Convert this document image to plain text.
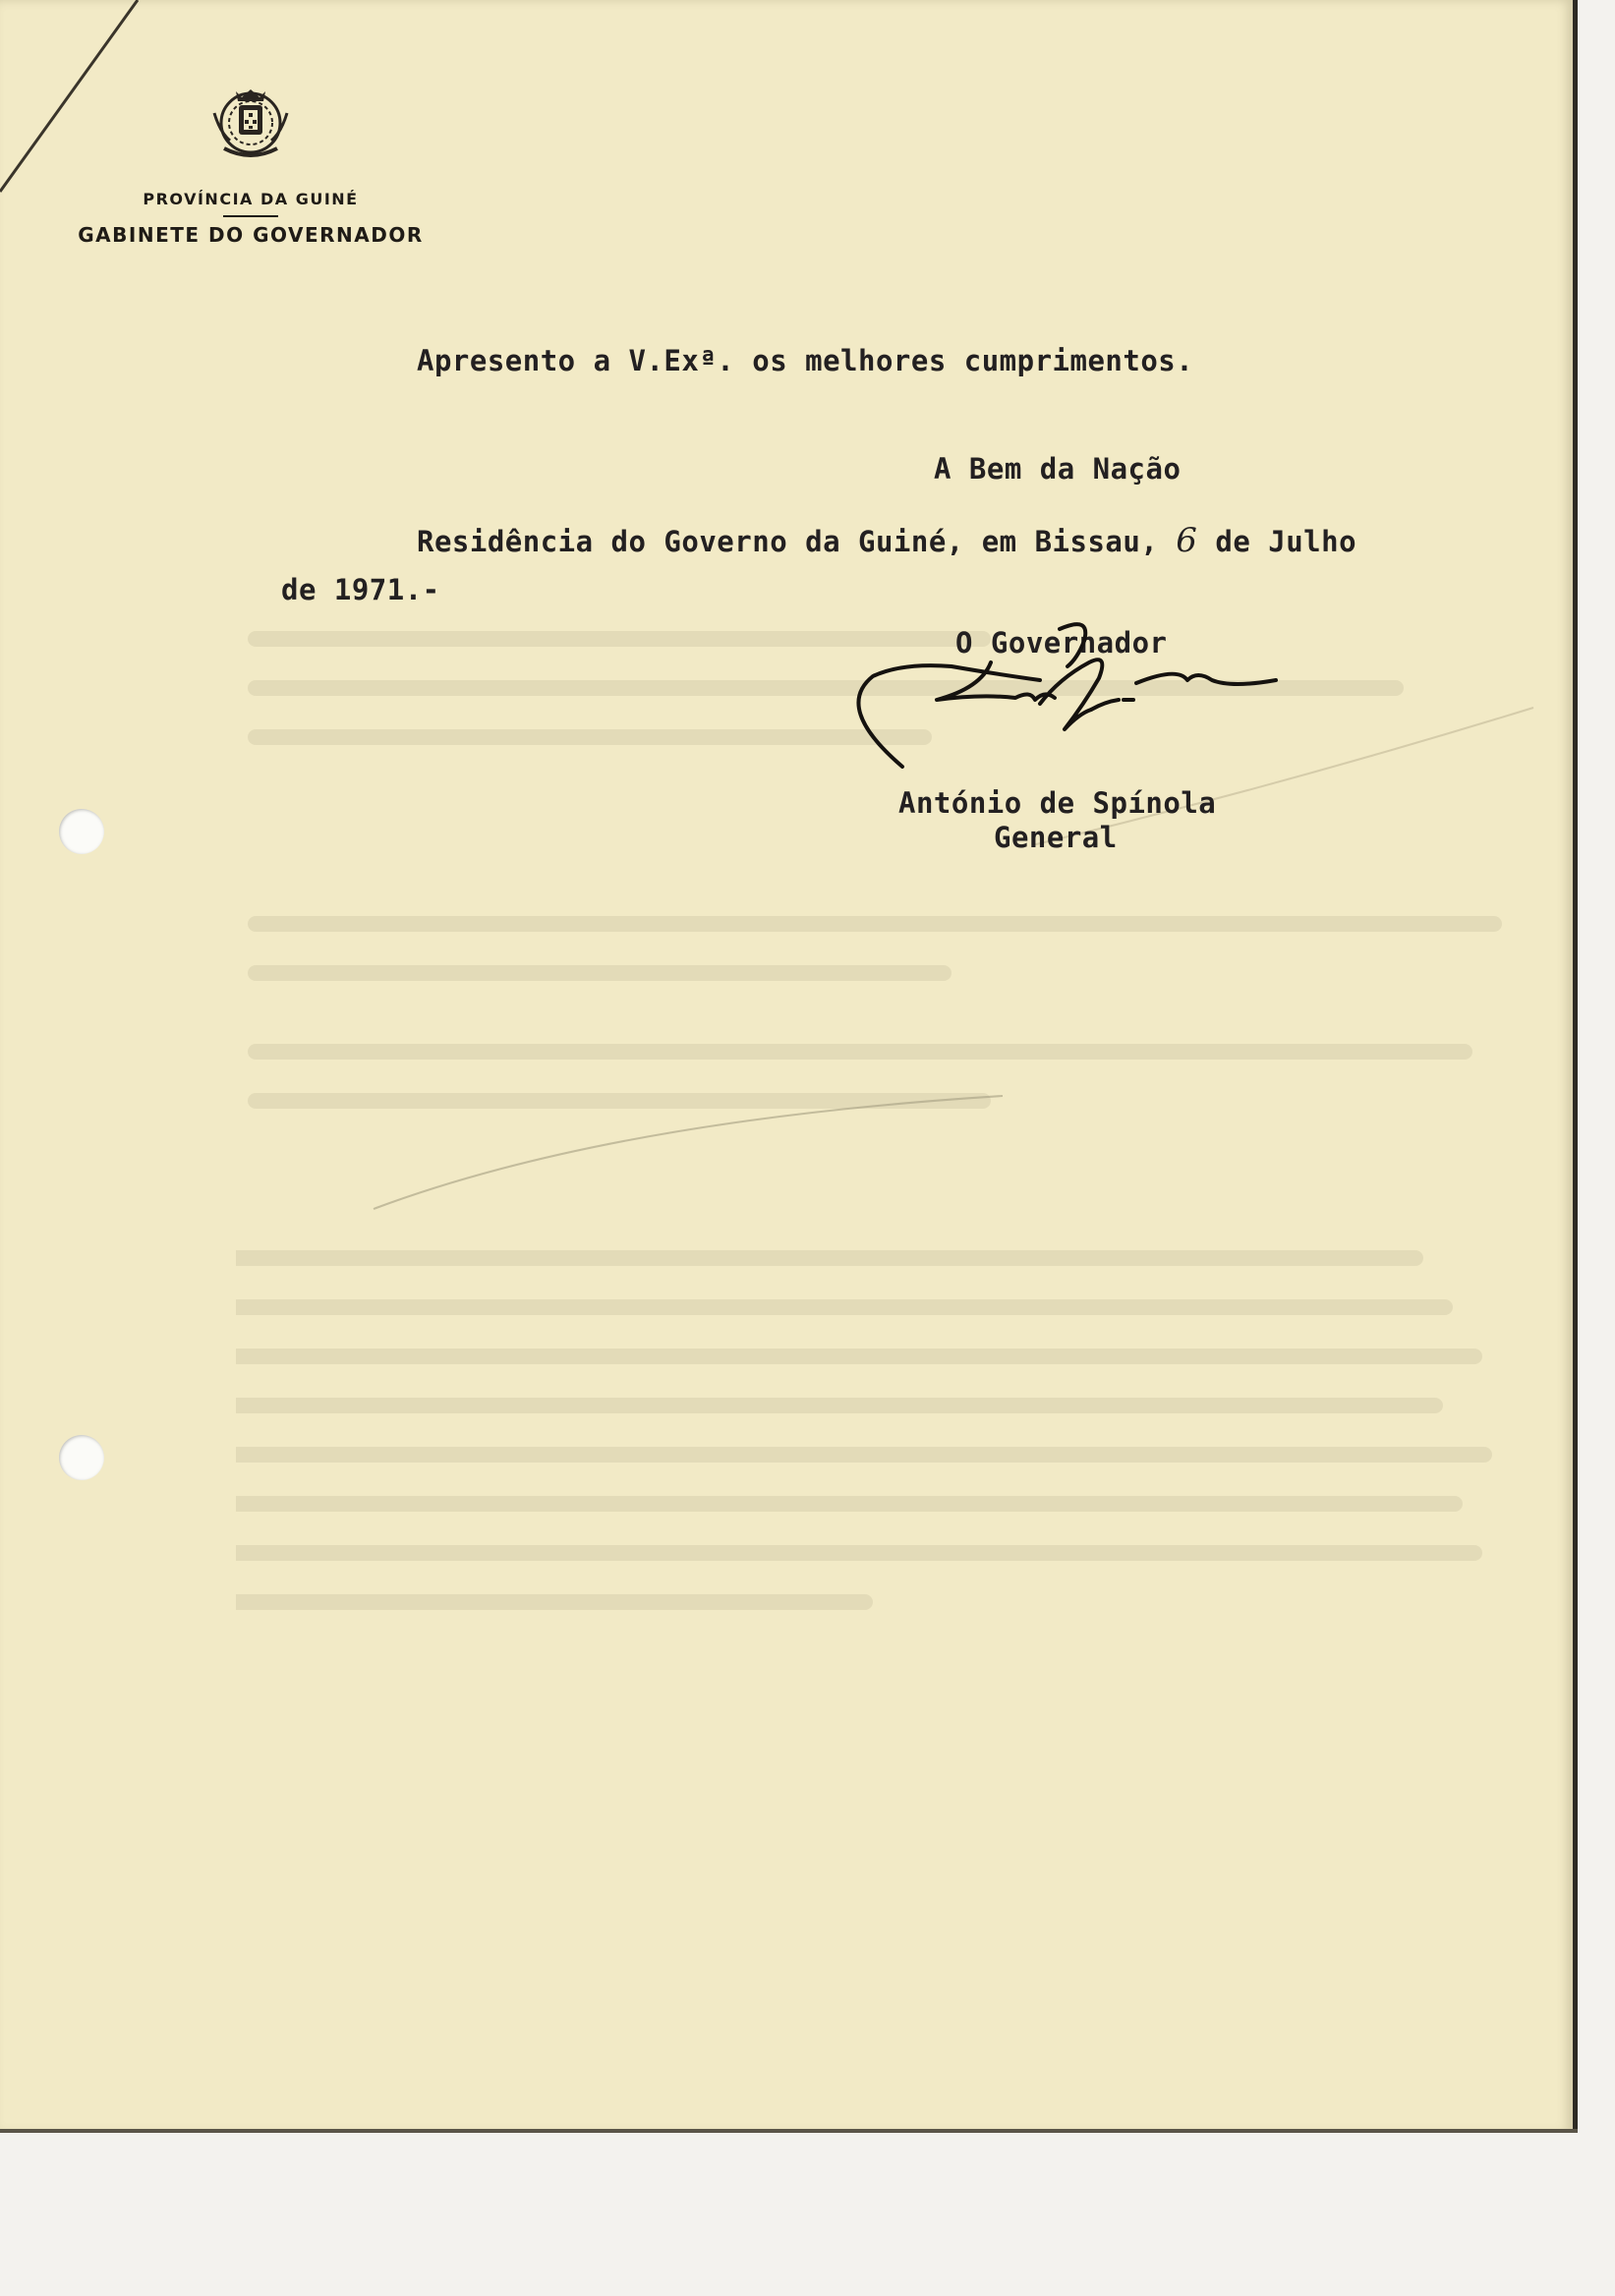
PROVÍNCIA DA GUINÉ
GABINETE DO GOVERNADOR
Apresento a V.Exª. os melhores cumprimentos.
A Bem da Nação
Residência do Governo da Guiné, em Bissau, 6 de Julho
de 1971.-
O Governador
António de Spínola
General
